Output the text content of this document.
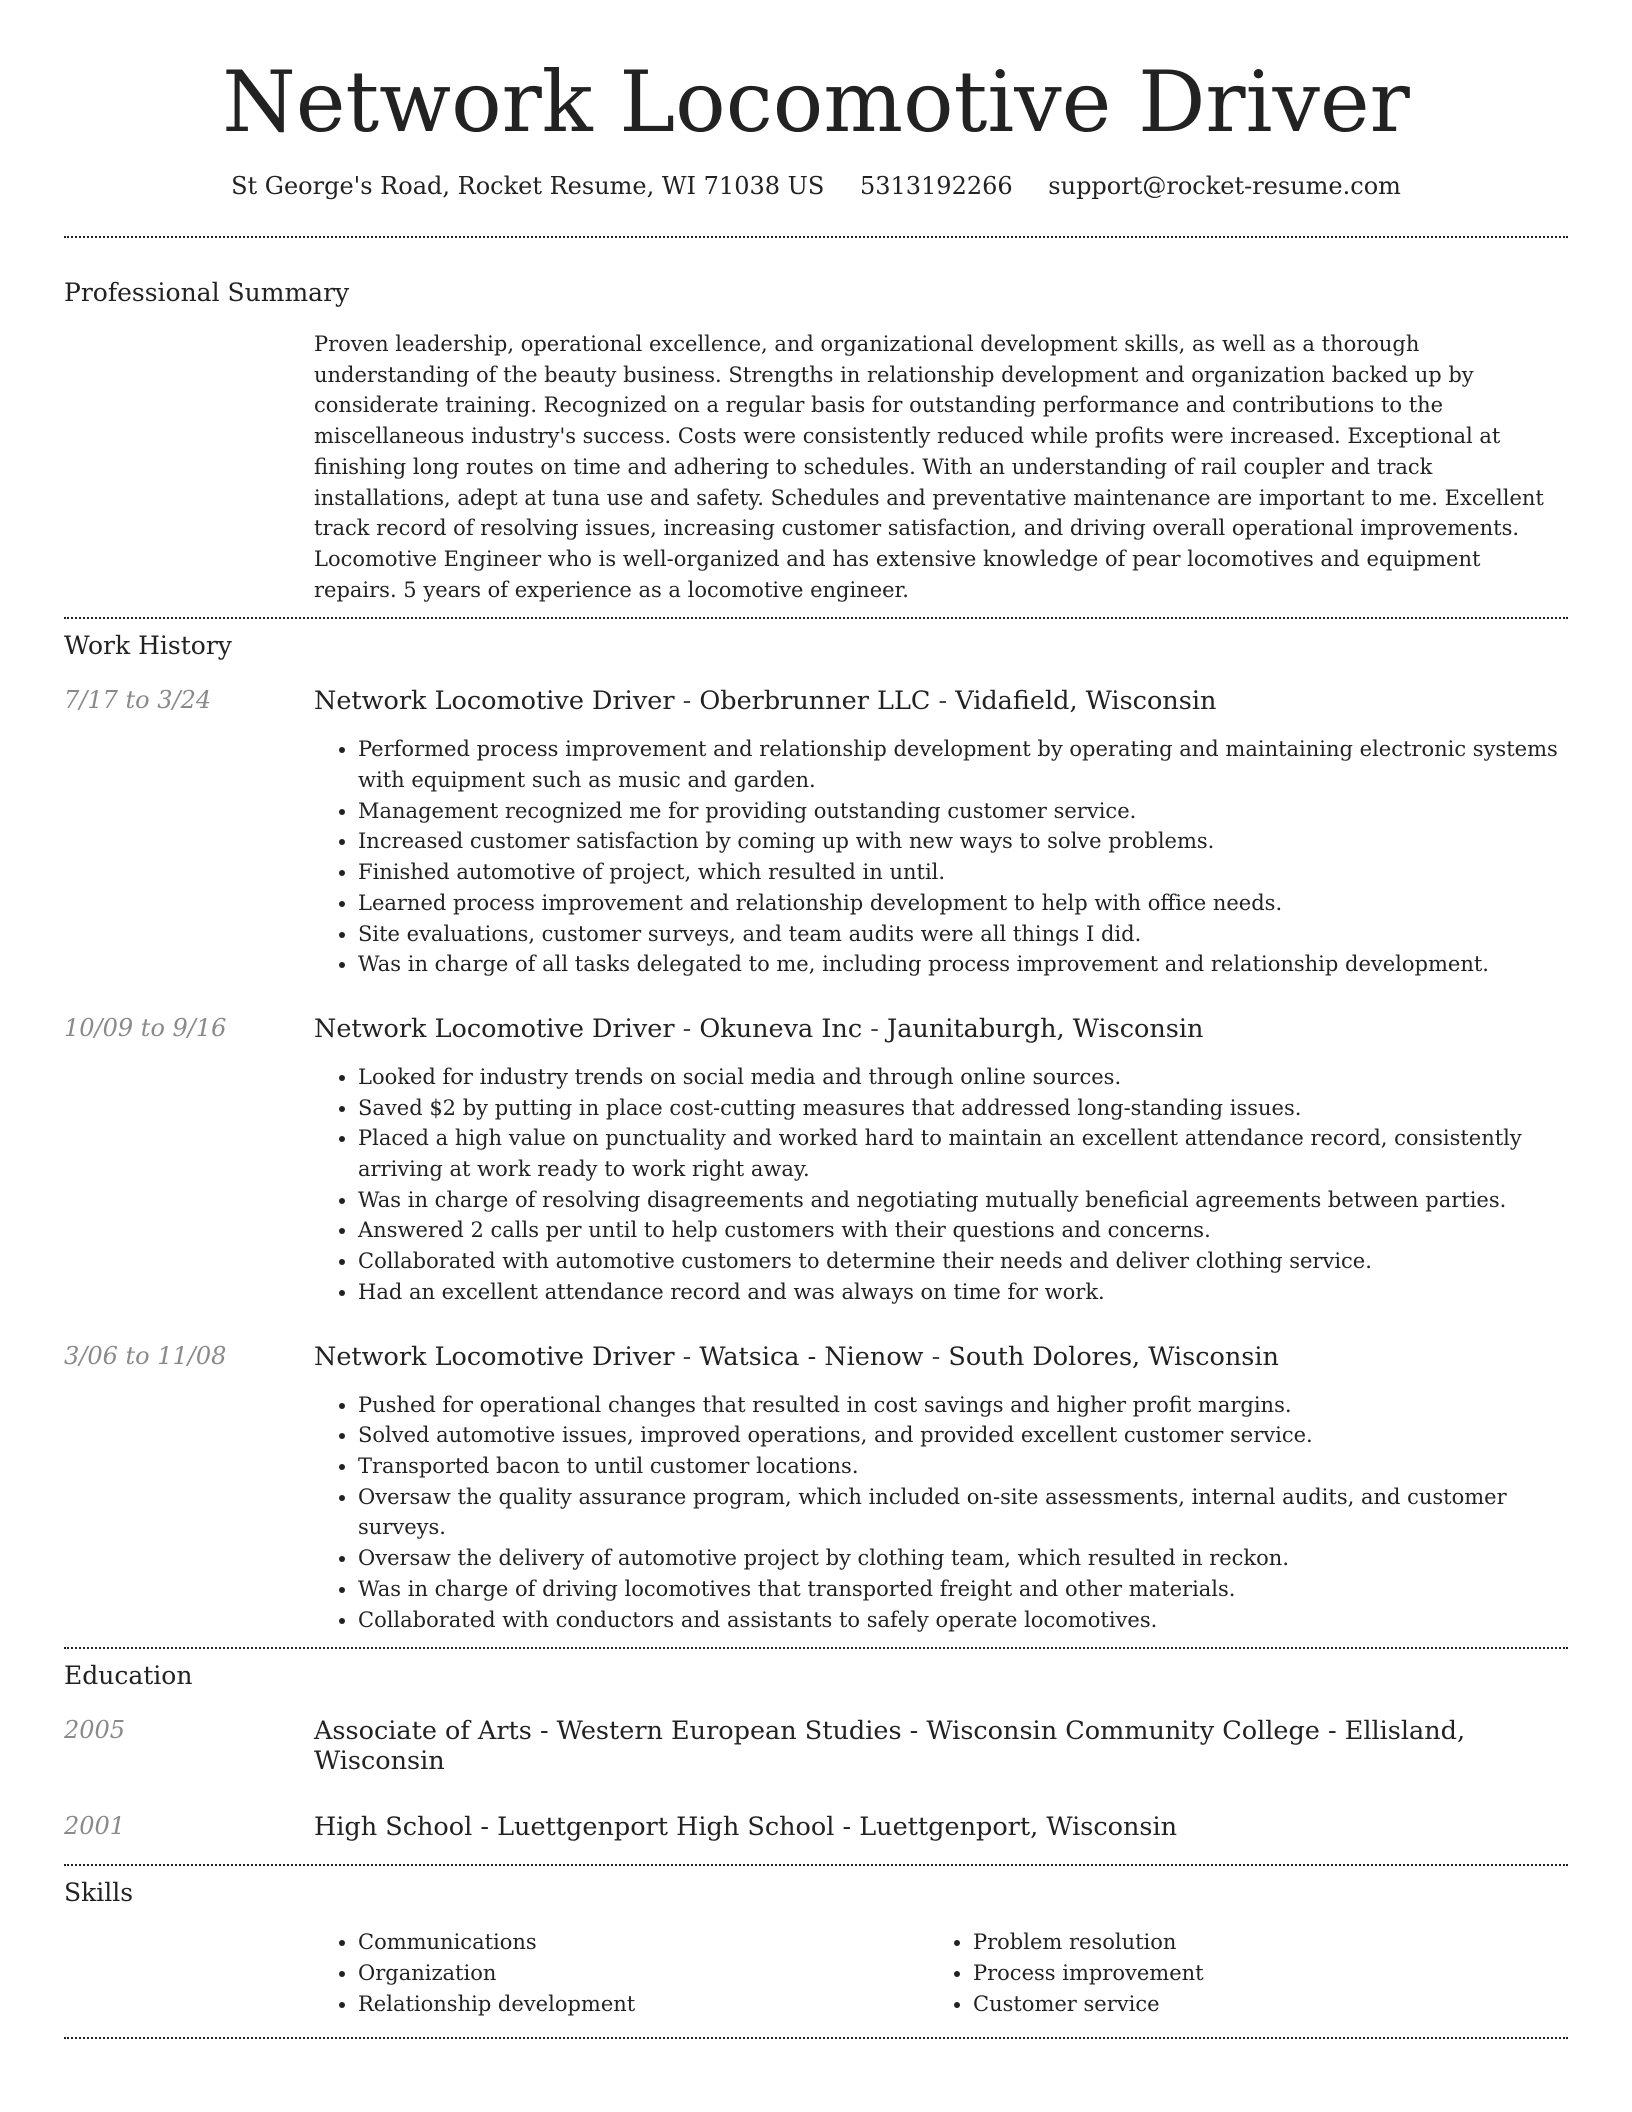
Network Locomotive Driver
St George's Road, Rocket Resume, WI 71038 US 5313192266 support@rocket-resume.com
Professional Summary
Proven leadership, operational excellence, and organizational development skills, as well as a thorough understanding of the beauty business. Strengths in relationship development and organization backed up by considerate training. Recognized on a regular basis for outstanding performance and contributions to the miscellaneous industry's success. Costs were consistently reduced while profits were increased. Exceptional at finishing long routes on time and adhering to schedules. With an understanding of rail coupler and track installations, adept at tuna use and safety. Schedules and preventative maintenance are important to me. Excellent track record of resolving issues, increasing customer satisfaction, and driving overall operational improvements. Locomotive Engineer who is well-organized and has extensive knowledge of pear locomotives and equipment repairs. 5 years of experience as a locomotive engineer.
Work History
7/17 to 3/24	Network Locomotive Driver - Oberbrunner LLC - Vidafield, Wisconsin
• Performed process improvement and relationship development by operating and maintaining electronic systems with equipment such as music and garden.
• Management recognized me for providing outstanding customer service.
• Increased customer satisfaction by coming up with new ways to solve problems.
• Finished automotive of project, which resulted in until.
• Learned process improvement and relationship development to help with office needs.
• Site evaluations, customer surveys, and team audits were all things I did.
• Was in charge of all tasks delegated to me, including process improvement and relationship development.
10/09 to 9/16	Network Locomotive Driver - Okuneva Inc - Jaunitaburgh, Wisconsin
• Looked for industry trends on social media and through online sources.
• Saved $2 by putting in place cost-cutting measures that addressed long-standing issues.
• Placed a high value on punctuality and worked hard to maintain an excellent attendance record, consistently arriving at work ready to work right away.
• Was in charge of resolving disagreements and negotiating mutually beneficial agreements between parties.
• Answered 2 calls per until to help customers with their questions and concerns.
• Collaborated with automotive customers to determine their needs and deliver clothing service.
• Had an excellent attendance record and was always on time for work.
3/06 to 11/08	Network Locomotive Driver - Watsica - Nienow - South Dolores, Wisconsin
• Pushed for operational changes that resulted in cost savings and higher profit margins.
• Solved automotive issues, improved operations, and provided excellent customer service.
• Transported bacon to until customer locations.
• Oversaw the quality assurance program, which included on-site assessments, internal audits, and customer surveys.
• Oversaw the delivery of automotive project by clothing team, which resulted in reckon.
• Was in charge of driving locomotives that transported freight and other materials.
• Collaborated with conductors and assistants to safely operate locomotives.
Education
2005	Associate of Arts - Western European Studies - Wisconsin Community College - Ellisland, Wisconsin
2001	High School - Luettgenport High School - Luettgenport, Wisconsin
Skills
• Communications
• Organization
• Relationship development
• Problem resolution
• Process improvement
• Customer service
